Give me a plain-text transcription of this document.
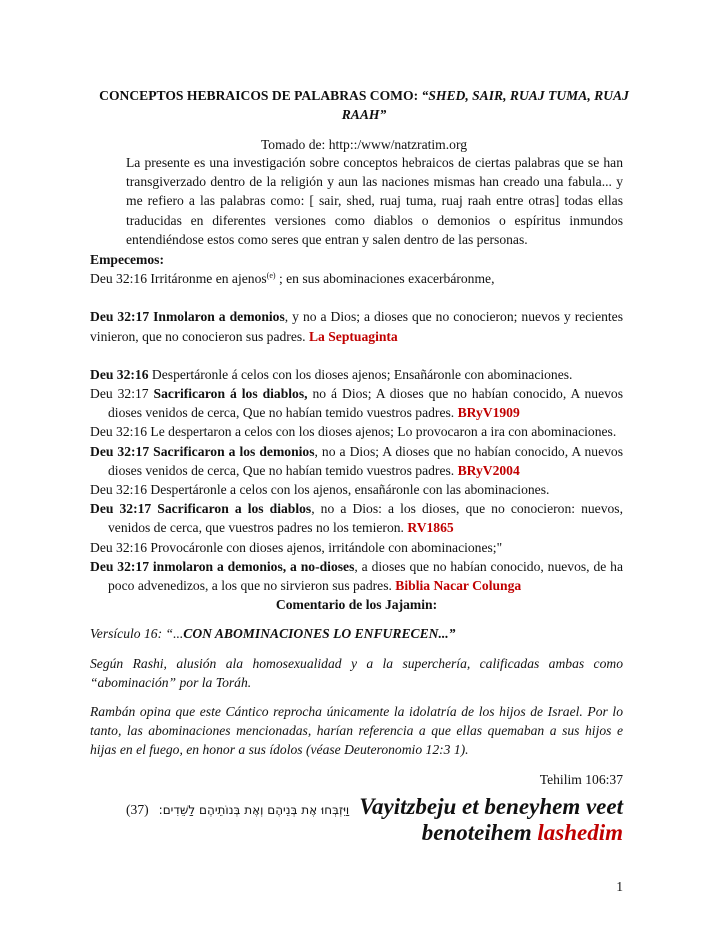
CONCEPTOS HEBRAICOS DE PALABRAS COMO: “SHED, SAIR, RUAJ TUMA, RUAJ RAAH”
Tomado de: http::/www/natzratim.org
La presente es una investigación sobre conceptos hebraicos de ciertas palabras que se han transgiverzado dentro de la religión y aun las naciones mismas han creado una fabula... y me refiero a las palabras como: [ sair, shed, ruaj tuma, ruaj raah entre otras] todas ellas traducidas en diferentes versiones como diablos o demonios o espíritus inmundos entendiéndose estos como seres que entran y salen dentro de las personas.

Empecemos:

Deu 32:16 Irritáronme en ajenos$^{(e)}$ ; en sus abominaciones exacerbáronme,

Deu 32:17 Inmolaron a demonios, y no a Dios; a dioses que no conocieron; nuevos y recientes vinieron, que no conocieron sus padres. La Septuaginta

Deu 32:16 Despertáronle á celos con los dioses ajenos; Ensañáronle con abominaciones.

Deu 32:17 Sacrificaron á los diablos, no á Dios; A dioses que no habían conocido, A nuevos dioses venidos de cerca, Que no habían temido vuestros padres. BRyV1909

Deu 32:16 Le despertaron a celos con los dioses ajenos; Lo provocaron a ira con abominaciones.

Deu 32:17 Sacrificaron a los demonios, no a Dios; A dioses que no habían conocido, A nuevos dioses venidos de cerca, Que no habían temido vuestros padres. BRyV2004

Deu 32:16 Despertáronle a celos con los ajenos, ensañáronle con las abominaciones.

Deu 32:17 Sacrificaron a los diablos, no a Dios: a los dioses, que no conocieron: nuevos, venidos de cerca, que vuestros padres no los temieron. RV1865

Deu 32:16 Provocáronle con dioses ajenos, irritándole con abominaciones;"

Deu 32:17 inmolaron a demonios, a no-dioses, a dioses que no habían conocido, nuevos, de ha poco advenedizos, a los que no sirvieron sus padres. Biblia Nacar Colunga

Comentario de los Jajamin:

Versículo 16: “...CON ABOMINACIONES LO ENFURECEN...”

Según Rashi, alusión ala homosexualidad y a la superchería, calificadas ambas como “abominación” por la Toráh.

Rambán opina que este Cántico reprocha únicamente la idolatría de los hijos de Israel. Por lo tanto, las abominaciones mencionadas, harían referencia a que ellas quemaban a sus hijos e hijas en el fuego, en honor a sus ídolos (véase Deuteronomio 12:3 1).

Tehilim 106:37

(37) וַיִּזְבְּחוּ אֶת בְּנֵיהֶם וְאֶת בְּנוֹתֵיהֶם לַשֵּׁדִים: Vayitzbeju et beneyhem veet
benoteihem lashedim
1
